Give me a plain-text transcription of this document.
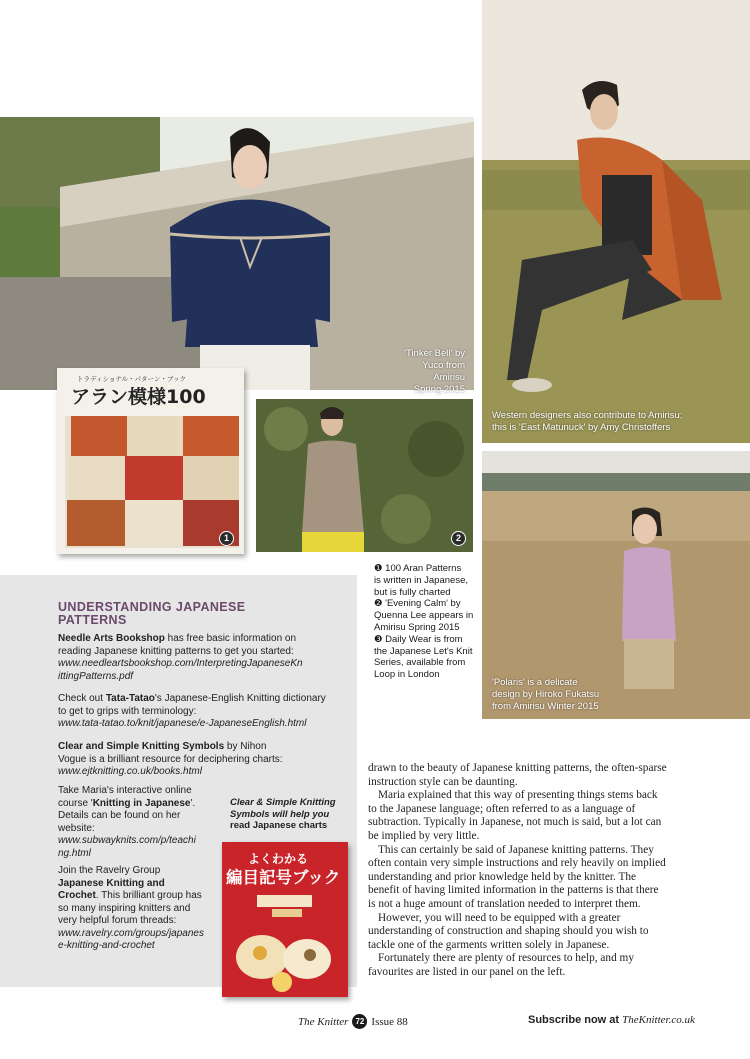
'Tinker Bell' by
Yuco from Amirisu
Spring 2015
Western designers also contribute to Amirisu;
this is 'East Matunuck' by Amy Christoffers
トラディショナル・パターン・ブック
アラン模様100
1	2
'Polaris' is a delicate
design by Hiroko Fukatsu
from Amirisu Winter 2015
❶ 100 Aran Patterns
is written in Japanese,
but is fully charted
❷ 'Evening Calm' by
Quenna Lee appears in
Amirisu Spring 2015
❸ Daily Wear is from
the Japanese Let's Knit
Series, available from
Loop in London
UNDERSTANDING JAPANESE PATTERNS
Needle Arts Bookshop has free basic information on reading Japanese knitting patterns to get you started:
www.needleartsbookshop.com/InterpretingJapaneseKnittingPatterns.pdf
Check out Tata-Tatao's Japanese-English Knitting dictionary to get to grips with terminology:
www.tata-tatao.to/knit/japanese/e-JapaneseEnglish.html
Clear and Simple Knitting Symbols by Nihon Vogue is a brilliant resource for deciphering charts:
www.ejtknitting.co.uk/books.html
Take Maria's interactive online course 'Knitting in Japanese'. Details can be found on her website:
www.subwayknits.com/p/teaching.html
Join the Ravelry Group Japanese Knitting and Crochet. This brilliant group has so many inspiring knitters and very helpful forum threads:
www.ravelry.com/groups/japanese-knitting-and-crochet
Clear & Simple Knitting
Symbols will help you
read Japanese charts
よくわかる
編目記号ブック

drawn to the beauty of Japanese knitting patterns, the often-sparse instruction style can be daunting.

Maria explained that this way of presenting things stems back to the Japanese language; often referred to as a language of subtraction. Typically in Japanese, not much is said, but a lot can be implied by very little.

This can certainly be said of Japanese knitting patterns. They often contain very simple instructions and rely heavily on implied understanding and prior knowledge held by the knitter. The benefit of having limited information in the patterns is that there is not a huge amount of translation needed to interpret them.

However, you will need to be equipped with a greater understanding of construction and shaping should you wish to tackle one of the garments written solely in Japanese.

Fortunately there are plenty of resources to help, and my favourites are listed in our panel on the left.

The Knitter 72 Issue 88	Subscribe now at TheKnitter.co.uk
